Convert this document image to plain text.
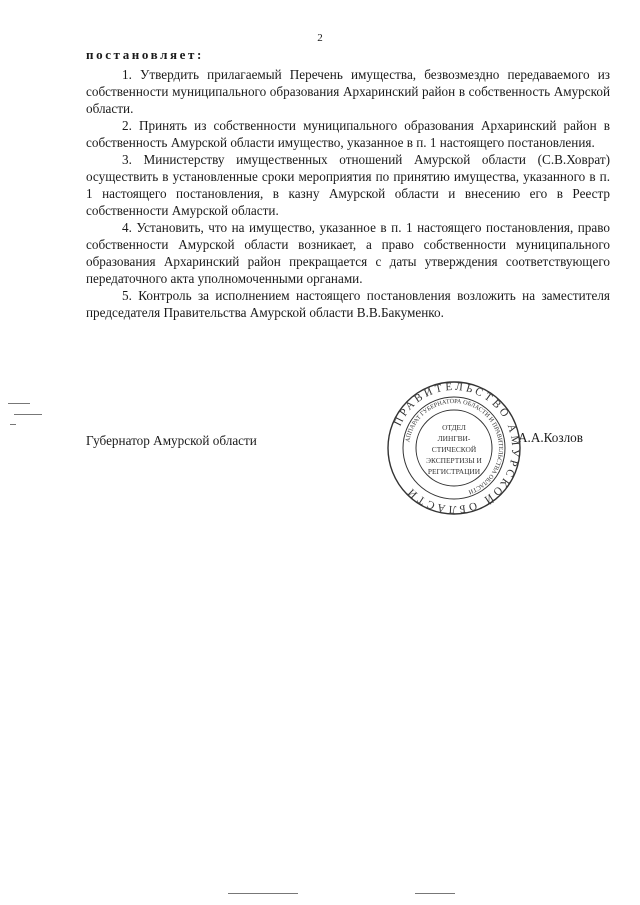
2
постановляет:

1. Утвердить прилагаемый Перечень имущества, безвозмездно передаваемого из собственности муниципального образования Архаринский район в собственность Амурской области.

2. Принять из собственности муниципального образования Архаринский район в собственность Амурской области имущество, указанное в п. 1 настоящего постановления.

3. Министерству имущественных отношений Амурской области (С.В.Ховрат) осуществить в установленные сроки мероприятия по принятию имущества, указанного в п. 1 настоящего постановления, в казну Амурской области и внесению его в Реестр собственности Амурской области.

4. Установить, что на имущество, указанное в п. 1 настоящего постановления, право собственности Амурской области возникает, а право собственности муниципального образования Архаринский район прекращается с даты утверждения соответствующего передаточного акта уполномоченными органами.

5. Контроль за исполнением настоящего постановления возложить на заместителя председателя Правительства Амурской области В.В.Бакуменко.

Губернатор Амурской области	А.А.Козлов
ПРАВИТЕЛЬСТВО АМУРСКОЙ ОБЛАСТИ
АППАРАТ ГУБЕРНАТОРА ОБЛАСТИ И ПРАВИТЕЛЬСТВА ОБЛАСТИ
ОТДЕЛ
ЛИНГВИ-
СТИЧЕСКОЙ
ЭКСПЕРТИЗЫ И
РЕГИСТРАЦИИ
